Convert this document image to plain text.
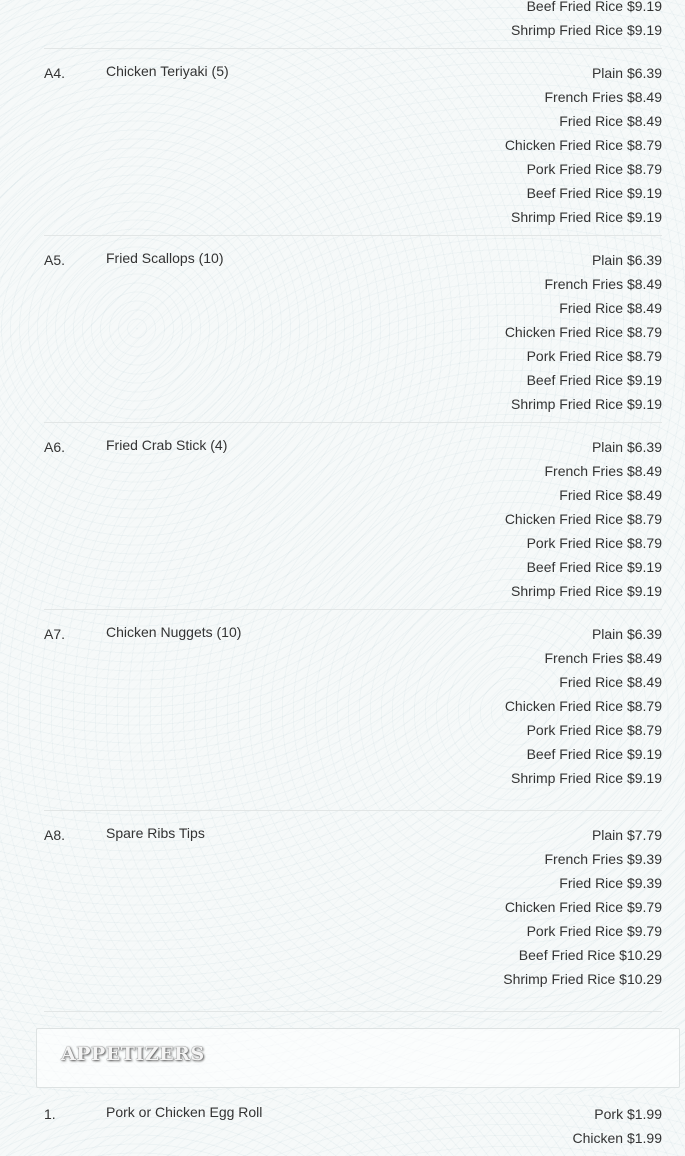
Beef Fried Rice $9.19
Shrimp Fried Rice $9.19
A4.	Chicken Teriyaki (5)	Plain $6.39
French Fries $8.49
Fried Rice $8.49
Chicken Fried Rice $8.79
Pork Fried Rice $8.79
Beef Fried Rice $9.19
Shrimp Fried Rice $9.19
A5.	Fried Scallops (10)	Plain $6.39
French Fries $8.49
Fried Rice $8.49
Chicken Fried Rice $8.79
Pork Fried Rice $8.79
Beef Fried Rice $9.19
Shrimp Fried Rice $9.19
A6.	Fried Crab Stick (4)	Plain $6.39
French Fries $8.49
Fried Rice $8.49
Chicken Fried Rice $8.79
Pork Fried Rice $8.79
Beef Fried Rice $9.19
Shrimp Fried Rice $9.19
A7.	Chicken Nuggets (10)	Plain $6.39
French Fries $8.49
Fried Rice $8.49
Chicken Fried Rice $8.79
Pork Fried Rice $8.79
Beef Fried Rice $9.19
Shrimp Fried Rice $9.19
A8.	Spare Ribs Tips	Plain $7.79
French Fries $9.39
Fried Rice $9.39
Chicken Fried Rice $9.79
Pork Fried Rice $9.79
Beef Fried Rice $10.29
Shrimp Fried Rice $10.29
APPETIZERS
1.	Pork or Chicken Egg Roll	Pork $1.99
Chicken $1.99
